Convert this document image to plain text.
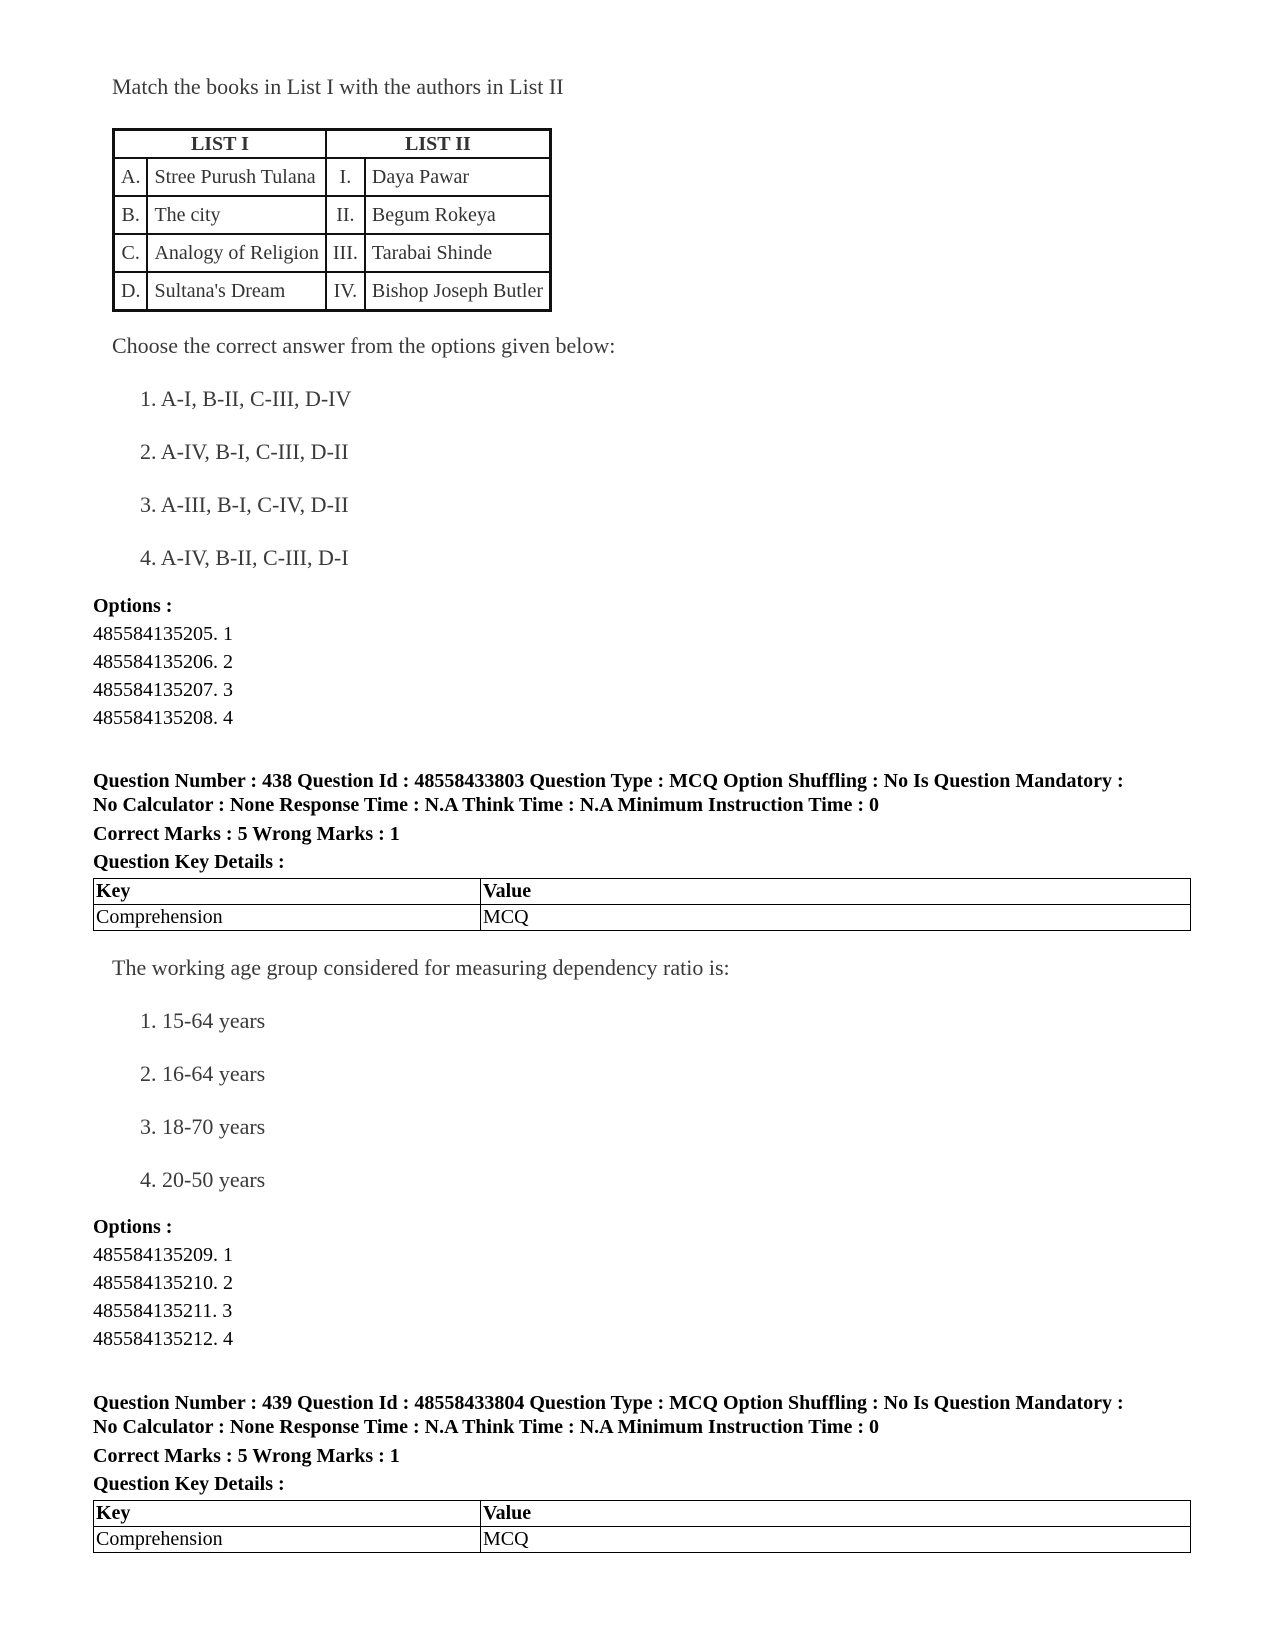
Match the books in List I with the authors in List II
LIST I		LIST II	
A.	Stree Purush Tulana	I.	Daya Pawar
B.	The city	II.	Begum Rokeya
C.	Analogy of Religion	III.	Tarabai Shinde
D.	Sultana's Dream	IV.	Bishop Joseph Butler
Choose the correct answer from the options given below:
1. A-I, B-II, C-III, D-IV
2. A-IV, B-I, C-III, D-II
3. A-III, B-I, C-IV, D-II
4. A-IV, B-II, C-III, D-I
Options :
485584135205. 1
485584135206. 2
485584135207. 3
485584135208. 4
Question Number : 438 Question Id : 48558433803 Question Type : MCQ Option Shuffling : No Is Question Mandatory :
No Calculator : None Response Time : N.A Think Time : N.A Minimum Instruction Time : 0
Correct Marks : 5 Wrong Marks : 1
Question Key Details :
Key	Value
Comprehension	MCQ
The working age group considered for measuring dependency ratio is:
1. 15-64 years
2. 16-64 years
3. 18-70 years
4. 20-50 years
Options :
485584135209. 1
485584135210. 2
485584135211. 3
485584135212. 4
Question Number : 439 Question Id : 48558433804 Question Type : MCQ Option Shuffling : No Is Question Mandatory :
No Calculator : None Response Time : N.A Think Time : N.A Minimum Instruction Time : 0
Correct Marks : 5 Wrong Marks : 1
Question Key Details :
Key	Value
Comprehension	MCQ
